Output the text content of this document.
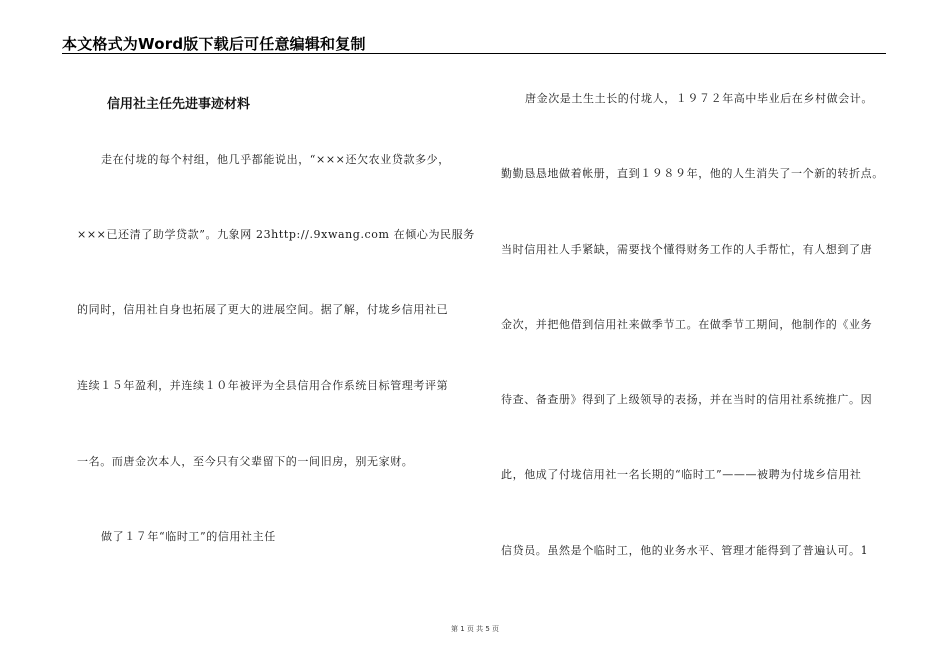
本文格式为Word版下载后可任意编辑和复制
信用社主任先进事迹材料
走在付垅的每个村组，他几乎都能说出，“×××还欠农业贷款多少，
×××已还清了助学贷款”。九象网 23http://.9xwang.com 在倾心为民服务
的同时，信用社自身也拓展了更大的进展空间。据了解，付垅乡信用社已
连续１５年盈利，并连续１０年被评为全县信用合作系统目标管理考评第
一名。而唐金次本人，至今只有父辈留下的一间旧房，别无家财。
做了１７年“临时工”的信用社主任
唐金次是土生土长的付垅人，１９７２年高中毕业后在乡村做会计。
勤勤恳恳地做着帐册，直到１９８９年，他的人生消失了一个新的转折点。
当时信用社人手紧缺，需要找个懂得财务工作的人手帮忙，有人想到了唐
金次，并把他借到信用社来做季节工。在做季节工期间，他制作的《业务
待查、备查册》得到了上级领导的表扬，并在当时的信用社系统推广。因
此，他成了付垅信用社一名长期的“临时工”———被聘为付垅乡信用社
信贷员。虽然是个临时工，他的业务水平、管理才能得到了普遍认可。1
第 1 页 共 5 页
